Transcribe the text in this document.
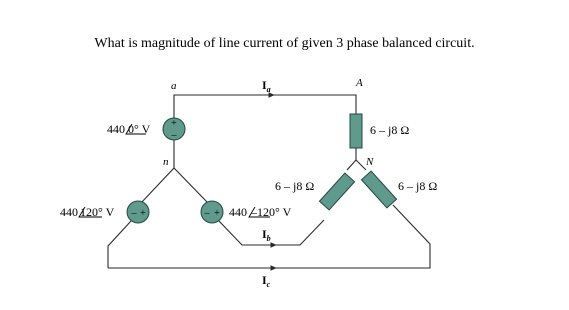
What is magnitude of line current of given 3 phase balanced circuit.
+
–
440 0° V
– +
440 120° V	– + 440 –120° V
6 – j8 Ω
6 – j8 Ω	6 – j8 Ω
a
n
A
N
Ia
Ib
Ic
